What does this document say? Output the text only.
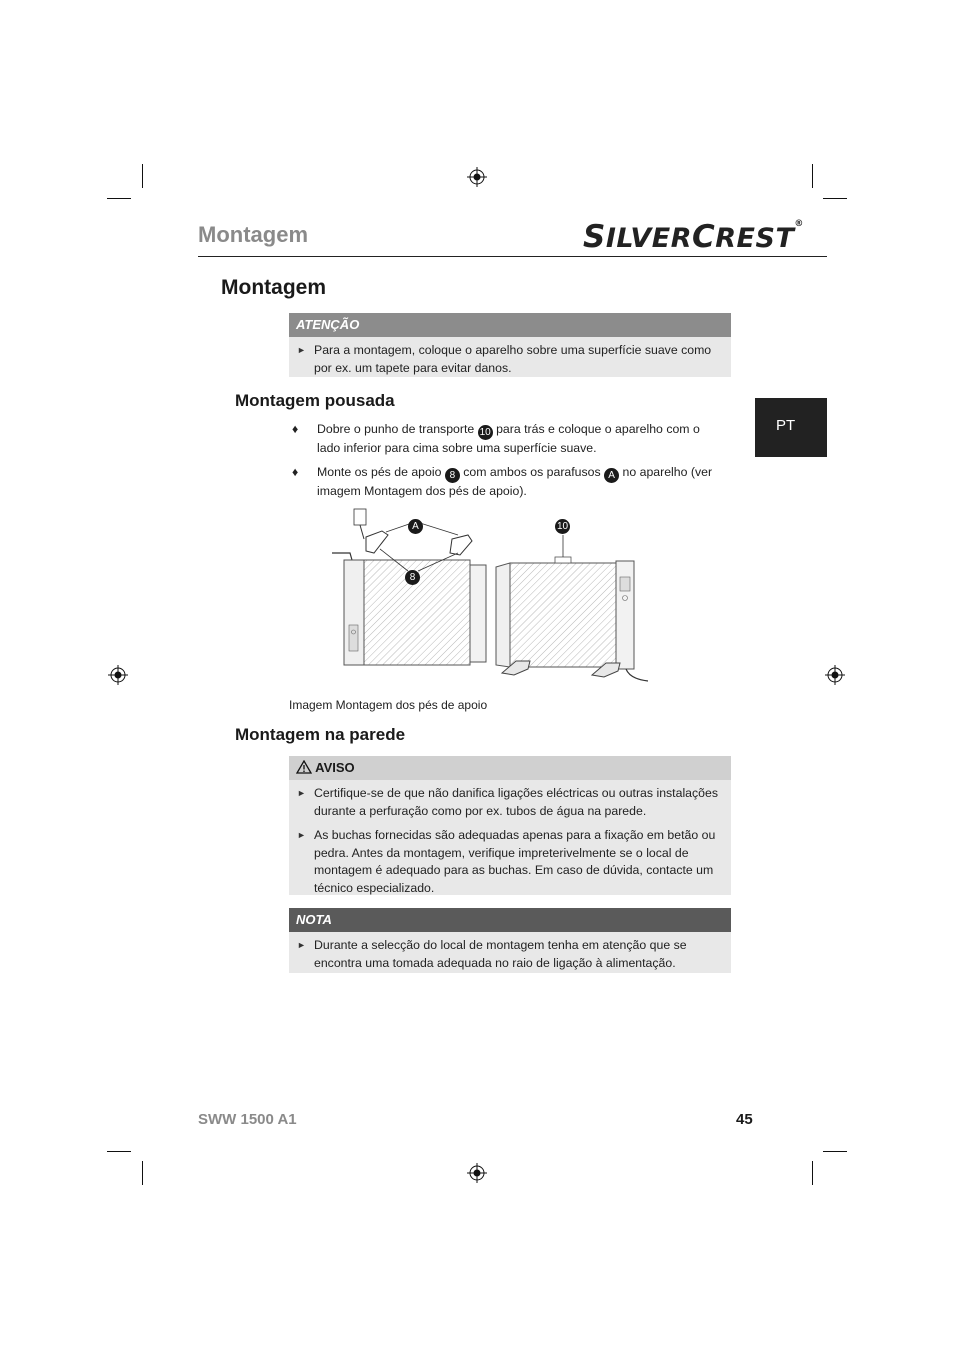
Montagem	SILVERCREST®
PT
Montagem
ATENÇÃO
► Para a montagem, coloque o aparelho sobre uma superfície suave como por ex. um tapete para evitar danos.
Montagem pousada
♦ Dobre o punho de transporte 10 para trás e coloque o aparelho com o lado inferior para cima sobre uma superfície suave.
♦ Monte os pés de apoio 8 com ambos os parafusos A no aparelho (ver imagem Montagem dos pés de apoio).
A
8
10
Imagem Montagem dos pés de apoio
Montagem na parede
AVISO
► Certifique-se de que não danifica ligações eléctricas ou outras instalações durante a perfuração como por ex. tubos de água na parede.
► As buchas fornecidas são adequadas apenas para a fixação em betão ou pedra. Antes da montagem, verifique impreterivelmente se o local de montagem é adequado para as buchas. Em caso de dúvida, contacte um técnico especializado.
NOTA
► Durante a selecção do local de montagem tenha em atenção que se encontra uma tomada adequada no raio de ligação à alimentação.
SWW 1500 A1	45
